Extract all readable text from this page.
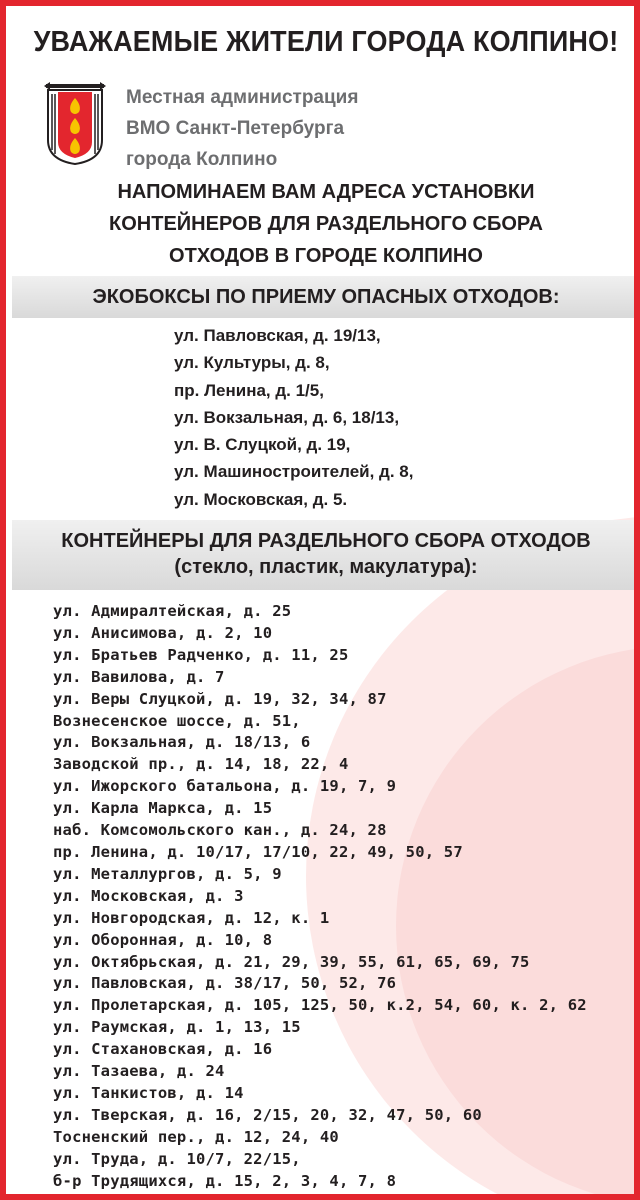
УВАЖАЕМЫЕ ЖИТЕЛИ ГОРОДА КОЛПИНО!
Местная администрация
ВМО Санкт-Петербурга
города Колпино
НАПОМИНАЕМ ВАМ АДРЕСА УСТАНОВКИ
КОНТЕЙНЕРОВ ДЛЯ РАЗДЕЛЬНОГО СБОРА
ОТХОДОВ В ГОРОДЕ КОЛПИНО
ЭКОБОКСЫ ПО ПРИЕМУ ОПАСНЫХ ОТХОДОВ:
ул. Павловская, д. 19/13,
ул. Культуры, д. 8,
пр. Ленина, д. 1/5,
ул. Вокзальная, д. 6, 18/13,
ул. В. Слуцкой, д. 19,
ул. Машиностроителей, д. 8,
ул. Московская, д. 5.
КОНТЕЙНЕРЫ ДЛЯ РАЗДЕЛЬНОГО СБОРА ОТХОДОВ
(стекло, пластик, макулатура):
ул. Адмиралтейская, д. 25
ул. Анисимова, д. 2, 10
ул. Братьев Радченко, д. 11, 25
ул. Вавилова, д. 7
ул. Веры Слуцкой, д. 19, 32, 34, 87
Вознесенское шоссе, д. 51,
ул. Вокзальная, д. 18/13, 6
Заводской пр., д. 14, 18, 22, 4
ул. Ижорского батальона, д. 19, 7, 9
ул. Карла Маркса, д. 15
наб. Комсомольского кан., д. 24, 28
пр. Ленина, д. 10/17, 17/10, 22, 49, 50, 57
ул. Металлургов, д. 5, 9
ул. Московская, д. 3
ул. Новгородская, д. 12, к. 1
ул. Оборонная, д. 10, 8
ул. Октябрьская, д. 21, 29, 39, 55, 61, 65, 69, 75
ул. Павловская, д. 38/17, 50, 52, 76
ул. Пролетарская, д. 105, 125, 50, к.2, 54, 60, к. 2, 62
ул. Раумская, д. 1, 13, 15
ул. Стахановская, д. 16
ул. Тазаева, д. 24
ул. Танкистов, д. 14
ул. Тверская, д. 16, 2/15, 20, 32, 47, 50, 60
Тосненский пер., д. 12, 24, 40
ул. Труда, д. 10/7, 22/15,
б-р Трудящихся, д. 15, 2, 3, 4, 7, 8
